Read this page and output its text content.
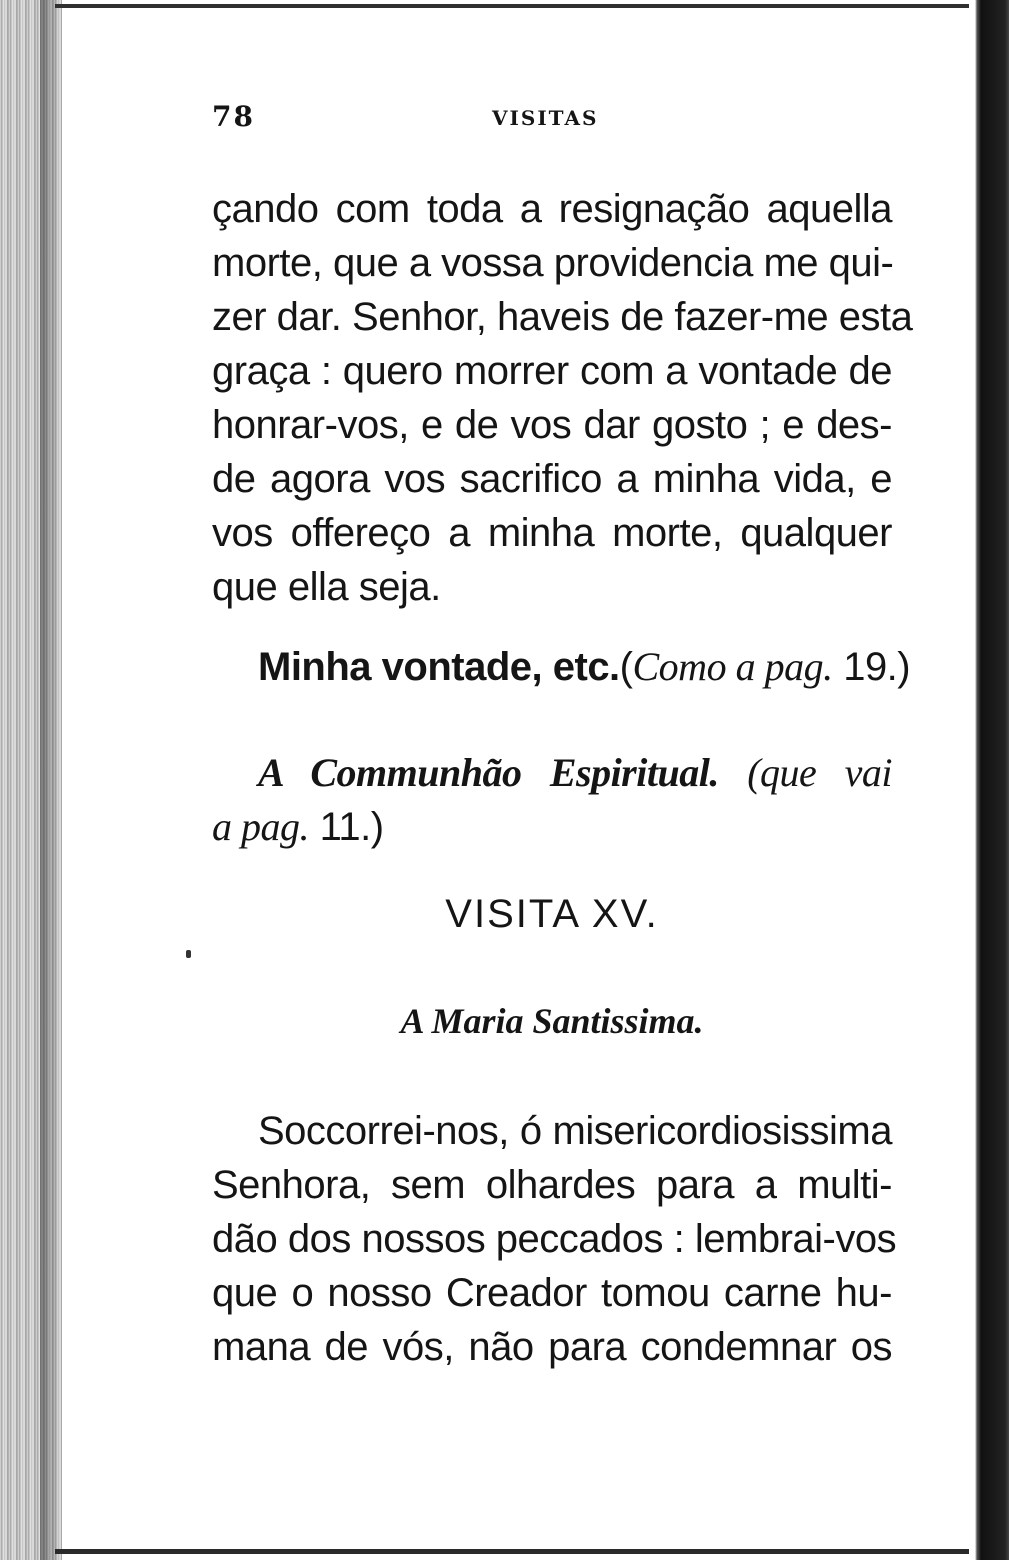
78	VISITAS
çando com toda a resignação aquella
morte, que a vossa providencia me qui-
zer dar. Senhor, haveis de fazer-me esta
graça : quero morrer com a vontade de
honrar-vos, e de vos dar gosto ; e des-
de agora vos sacrifico a minha vida, e
vos offereço a minha morte, qualquer
que ella seja.
Minha vontade, etc.(Como a pag. 19.)
A Communhão Espiritual. (que vai
a pag. 11.)
VISITA XV.
A Maria Santissima.
Soccorrei-nos, ó misericordiosissima
Senhora, sem olhardes para a multi-
dão dos nossos peccados : lembrai-vos
que o nosso Creador tomou carne hu-
mana de vós, não para condemnar os
